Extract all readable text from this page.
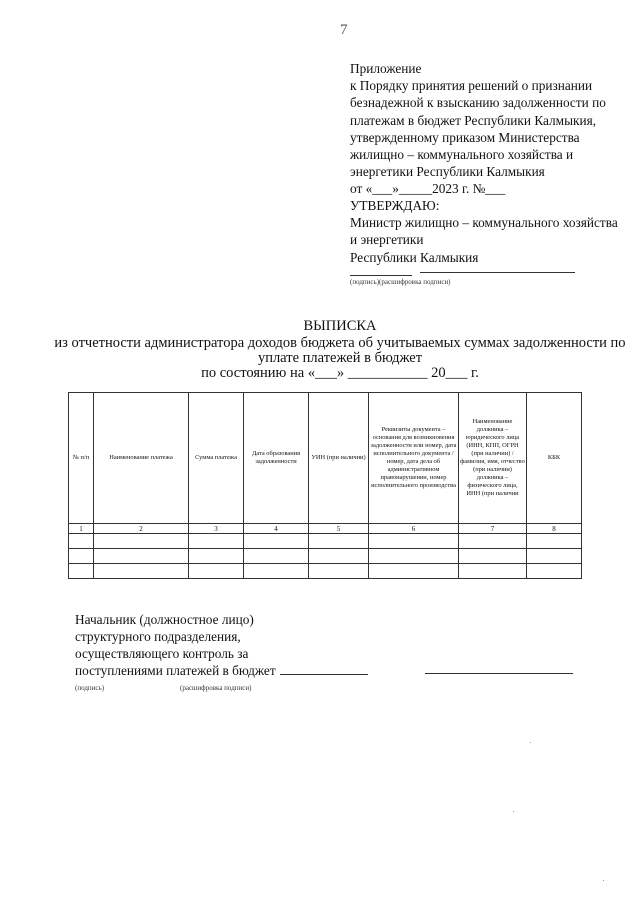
7
Приложение
к Порядку принятия решений о признании
безнадежной к взысканию задолженности по
платежам в бюджет Республики Калмыкия,
утвержденному приказом Министерства
жилищно – коммунального хозяйства и
энергетики Республики Калмыкия
от «___»_____2023 г. №___
УТВЕРЖДАЮ:
Министр жилищно – коммунального хозяйства
и энергетики
Республики Калмыкия
(подпись)(расшифровка подписи)
ВЫПИСКА
из отчетности администратора доходов бюджета об учитываемых суммах задолженности по
уплате платежей в бюджет
по состоянию на «___» ___________ 20___ г.
№ п/п	Наименование платежа	Сумма платежа	Дата образования задолженности	УИН (при наличии)	Реквизиты документа – основания для возникновения задолженности или номер, дата исполнительного документа / номер, дата дела об административном правонарушении, номер исполнительного производства	Наименование должника – юридического лица (ИНН, КПП, ОГРН (при наличии) / фамилия, имя, отчество (при наличии) должника – физического лица, ИНН (при наличии	КБК
1	2	3	4	5	6	7	8

Начальник (должностное лицо)
структурного подразделения,
осуществляющего контроль за
поступлениями платежей в бюджет
(подпись)	(расшифровка подписи)
